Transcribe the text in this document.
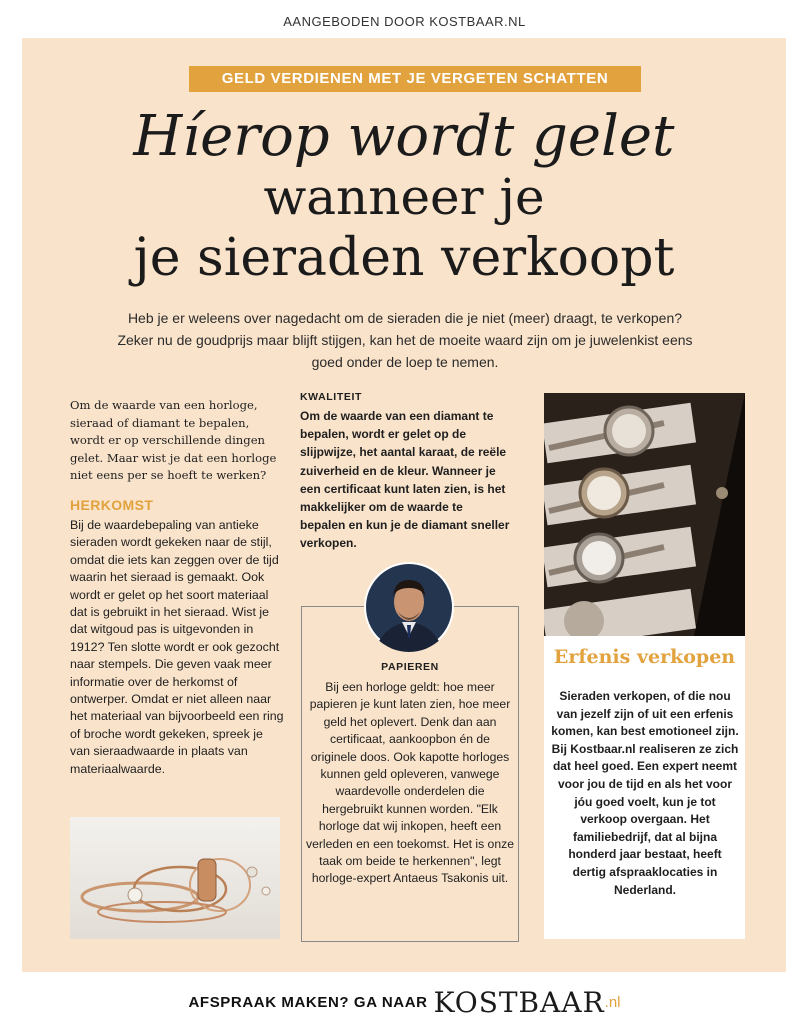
AANGEBODEN DOOR KOSTBAAR.NL
GELD VERDIENEN MET JE VERGETEN SCHATTEN
Híerop wordt gelet
wanneer je
je sieraden verkoopt
Heb je er weleens over nagedacht om de sieraden die je niet (meer) draagt, te verkopen? Zeker nu de goudprijs maar blijft stijgen, kan het de moeite waard zijn om je juwelenkist eens goed onder de loep te nemen.
Om de waarde van een horloge, sieraad of diamant te bepalen, wordt er op verschillende dingen gelet. Maar wist je dat een horloge niet eens per se hoeft te werken?
HERKOMST
Bij de waardebepaling van antieke sieraden wordt gekeken naar de stijl, omdat die iets kan zeggen over de tijd waarin het sieraad is gemaakt. Ook wordt er gelet op het soort materiaal dat is gebruikt in het sieraad. Wist je dat witgoud pas is uitgevonden in 1912? Ten slotte wordt er ook gezocht naar stempels. Die geven vaak meer informatie over de herkomst of ontwerper. Omdat er niet alleen naar het materiaal van bijvoorbeeld een ring of broche wordt gekeken, spreek je van sieraadwaarde in plaats van materiaalwaarde.
KWALITEIT
Om de waarde van een diamant te bepalen, wordt er gelet op de slijpwijze, het aantal karaat, de reële zuiverheid en de kleur. Wanneer je een certificaat kunt laten zien, is het makkelijker om de waarde te bepalen en kun je de diamant sneller verkopen.
PAPIEREN
Bij een horloge geldt: hoe meer papieren je kunt laten zien, hoe meer geld het oplevert. Denk dan aan certificaat, aankoopbon én de originele doos. Ook kapotte horloges kunnen geld opleveren, vanwege waardevolle onderdelen die hergebruikt kunnen worden. "Elk horloge dat wij inkopen, heeft een verleden en een toekomst. Het is onze taak om beide te herkennen", legt horloge-expert Antaeus Tsakonis uit.
Erfenis verkopen
Sieraden verkopen, of die nou van jezelf zijn of uit een erfenis komen, kan best emotioneel zijn. Bij Kostbaar.nl realiseren ze zich dat heel goed. Een expert neemt voor jou de tijd en als het voor jóu goed voelt, kun je tot verkoop overgaan. Het familiebedrijf, dat al bijna honderd jaar bestaat, heeft dertig afspraaklocaties in Nederland.
AFSPRAAK MAKEN? GA NAAR KOSTBAAR.nl
